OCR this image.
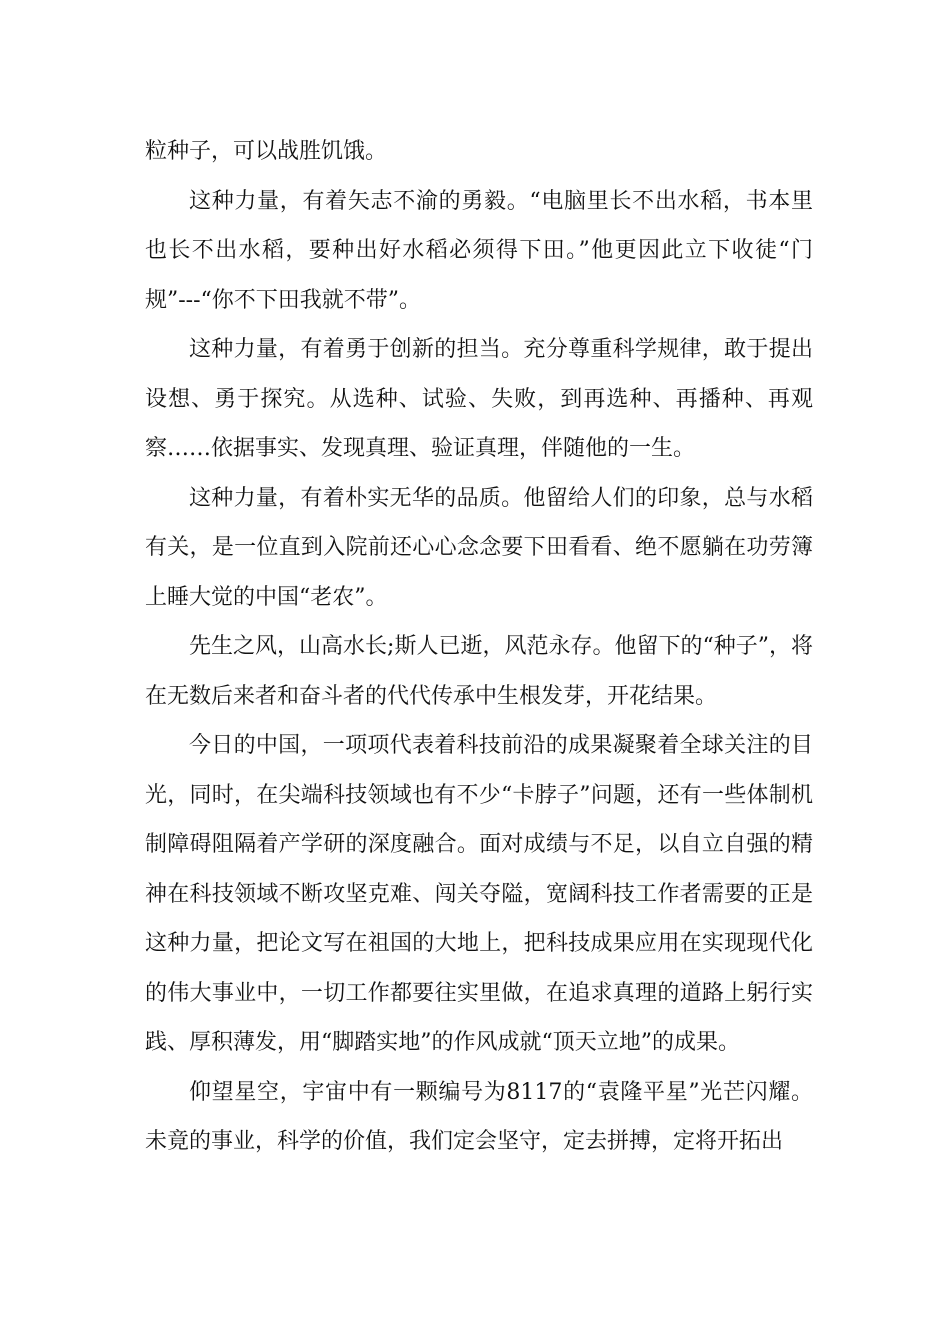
粒种子，可以战胜饥饿。

这种力量，有着矢志不渝的勇毅。“电脑里长不出水稻，书本里也长不出水稻，要种出好水稻必须得下田。”他更因此立下收徒“门规”---“你不下田我就不带”。

这种力量，有着勇于创新的担当。充分尊重科学规律，敢于提出设想、勇于探究。从选种、试验、失败，到再选种、再播种、再观察……依据事实、发现真理、验证真理，伴随他的一生。

这种力量，有着朴实无华的品质。他留给人们的印象，总与水稻有关，是一位直到入院前还心心念念要下田看看、绝不愿躺在功劳簿上睡大觉的中国“老农”。

先生之风，山高水长;斯人已逝，风范永存。他留下的“种子”，将在无数后来者和奋斗者的代代传承中生根发芽，开花结果。

今日的中国，一项项代表着科技前沿的成果凝聚着全球关注的目光，同时，在尖端科技领域也有不少“卡脖子”问题，还有一些体制机制障碍阻隔着产学研的深度融合。面对成绩与不足，以自立自强的精神在科技领域不断攻坚克难、闯关夺隘，宽阔科技工作者需要的正是这种力量，把论文写在祖国的大地上，把科技成果应用在实现现代化的伟大事业中，一切工作都要往实里做，在追求真理的道路上躬行实践、厚积薄发，用“脚踏实地”的作风成就“顶天立地”的成果。

仰望星空，宇宙中有一颗编号为8117的“袁隆平星”光芒闪耀。未竟的事业，科学的价值，我们定会坚守，定去拼搏，定将开拓出
